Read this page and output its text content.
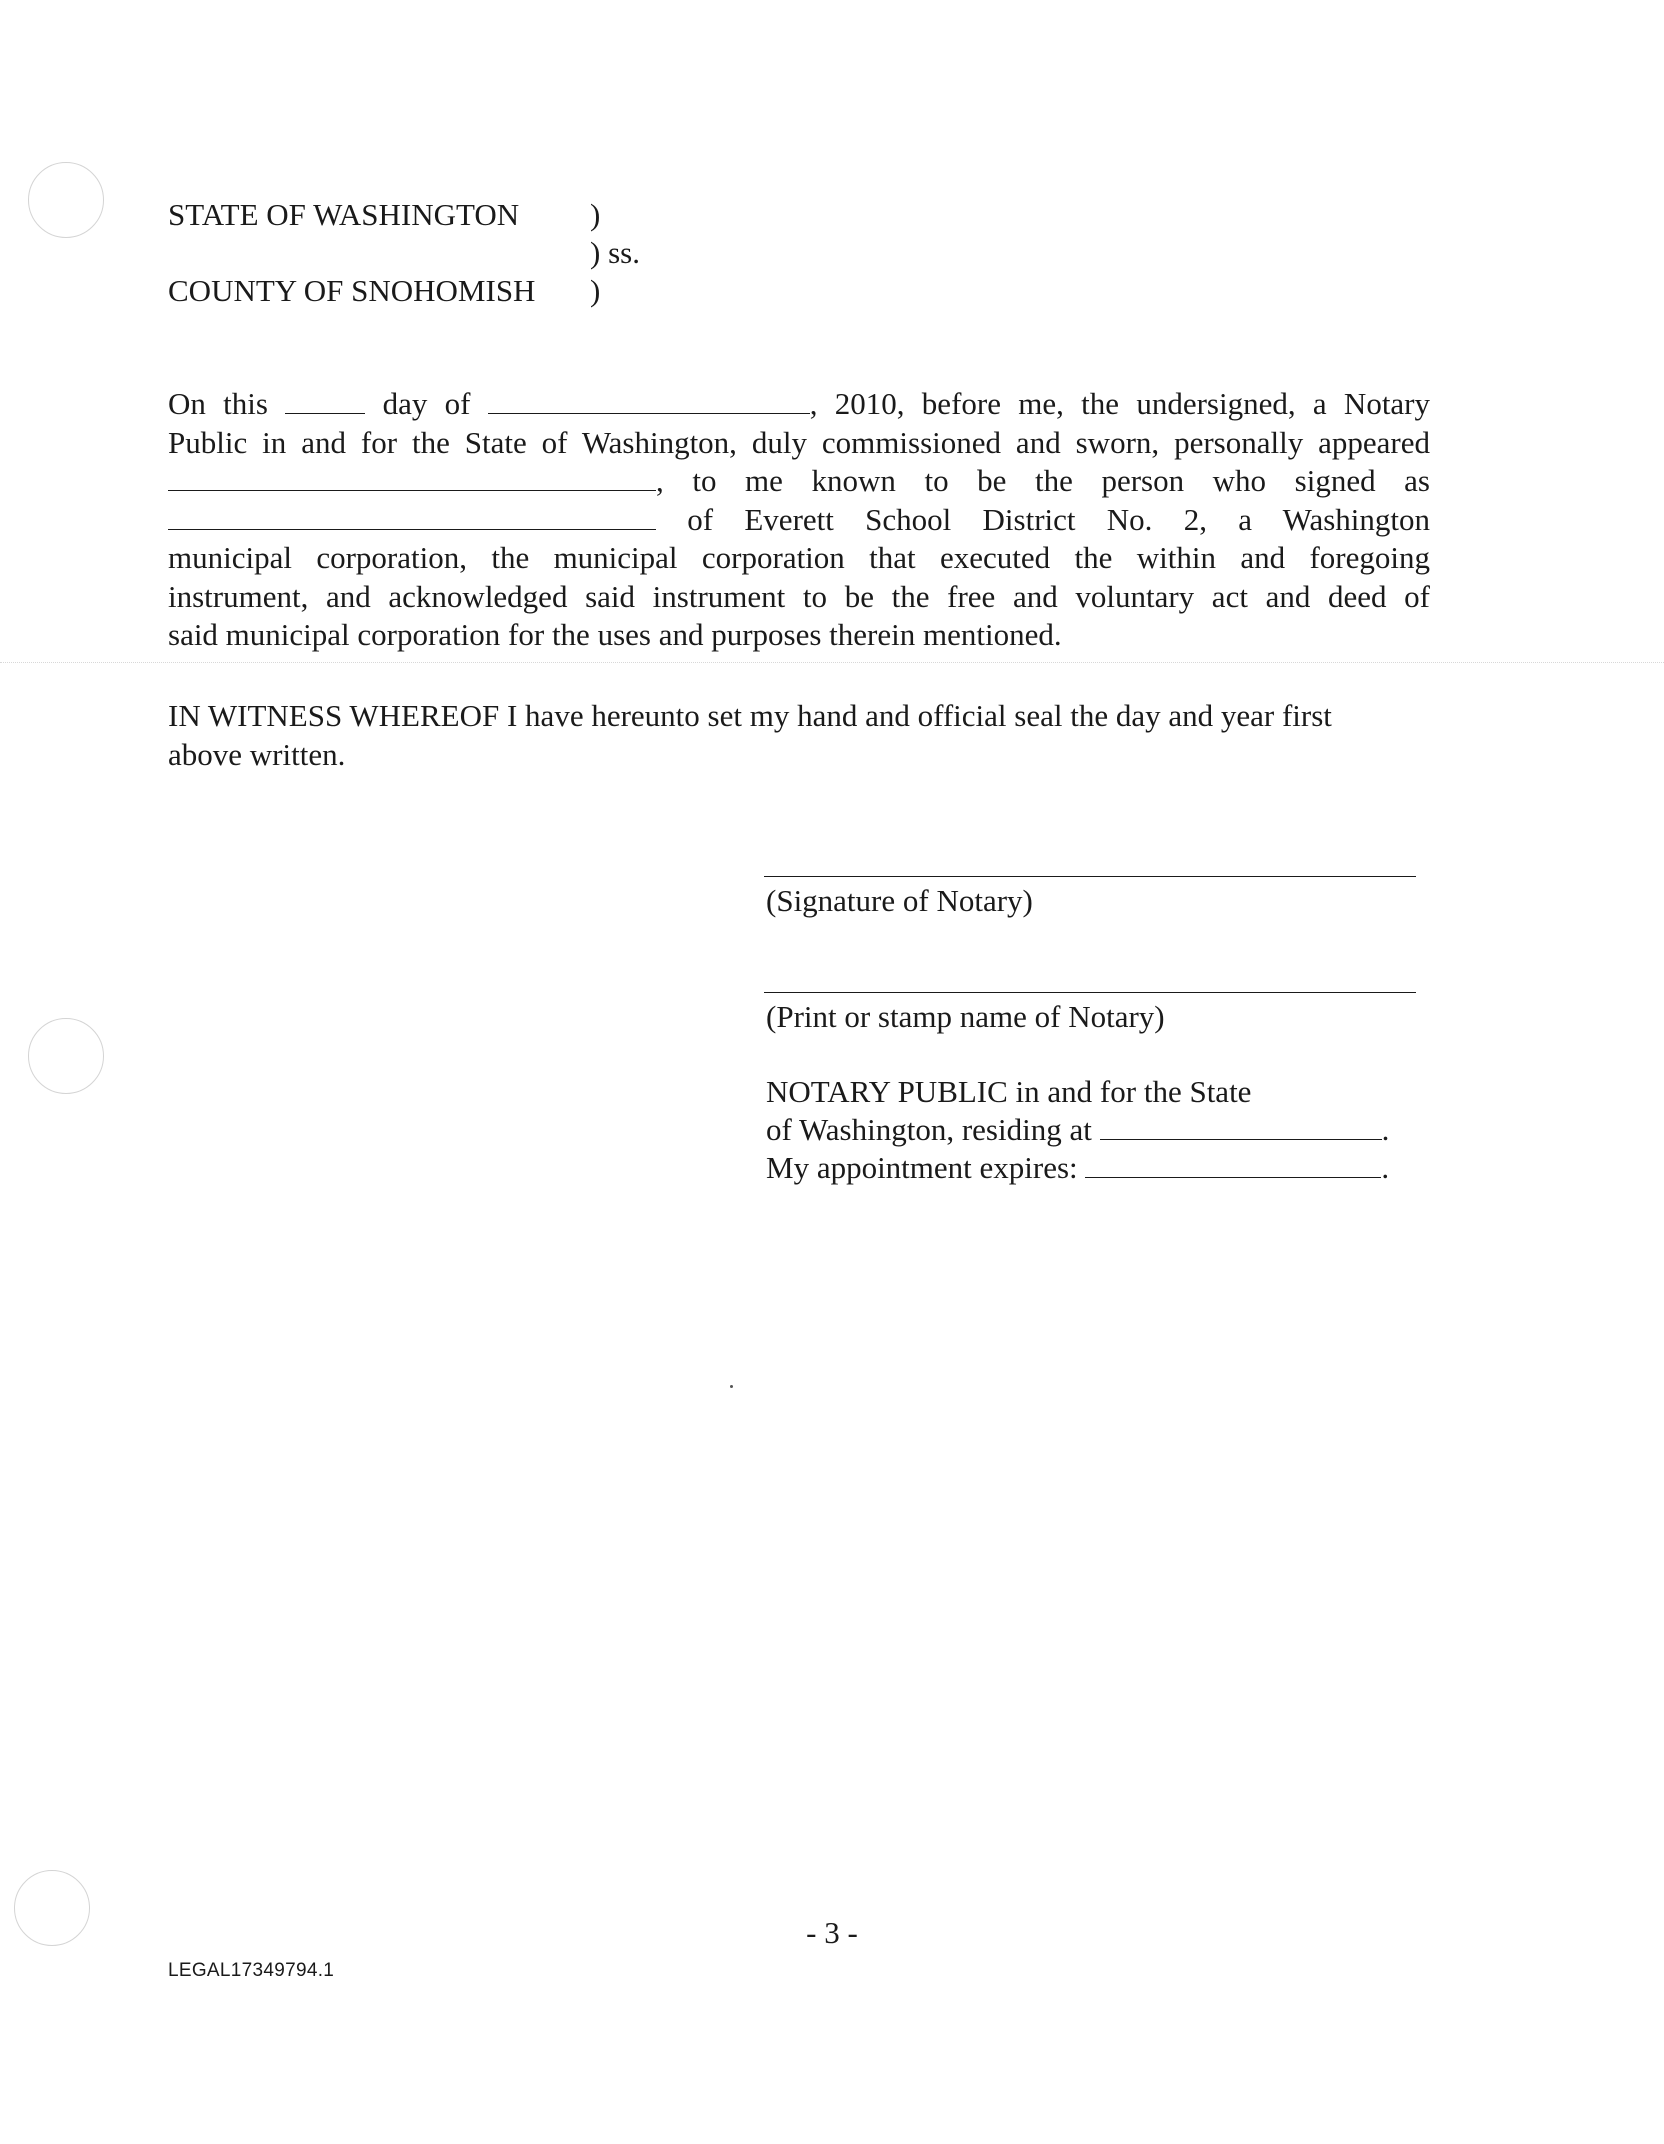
STATE OF WASHINGTON )
) ss.
COUNTY OF SNOHOMISH )
On this	day of	, 2010, before me, the undersigned, a Notary
Public in and for the State of Washington, duly commissioned and sworn, personally appeared
, to me known to be the person who signed as
of Everett School District No. 2, a Washington
municipal corporation, the municipal corporation that executed the within and foregoing
instrument, and acknowledged said instrument to be the free and voluntary act and deed of
said municipal corporation for the uses and purposes therein mentioned.
IN WITNESS WHEREOF I have hereunto set my hand and official seal the day and year first
above written.
(Signature of Notary)
(Print or stamp name of Notary)
NOTARY PUBLIC in and for the State
of Washington, residing at	.
My appointment expires:	.
- 3 -
LEGAL17349794.1
